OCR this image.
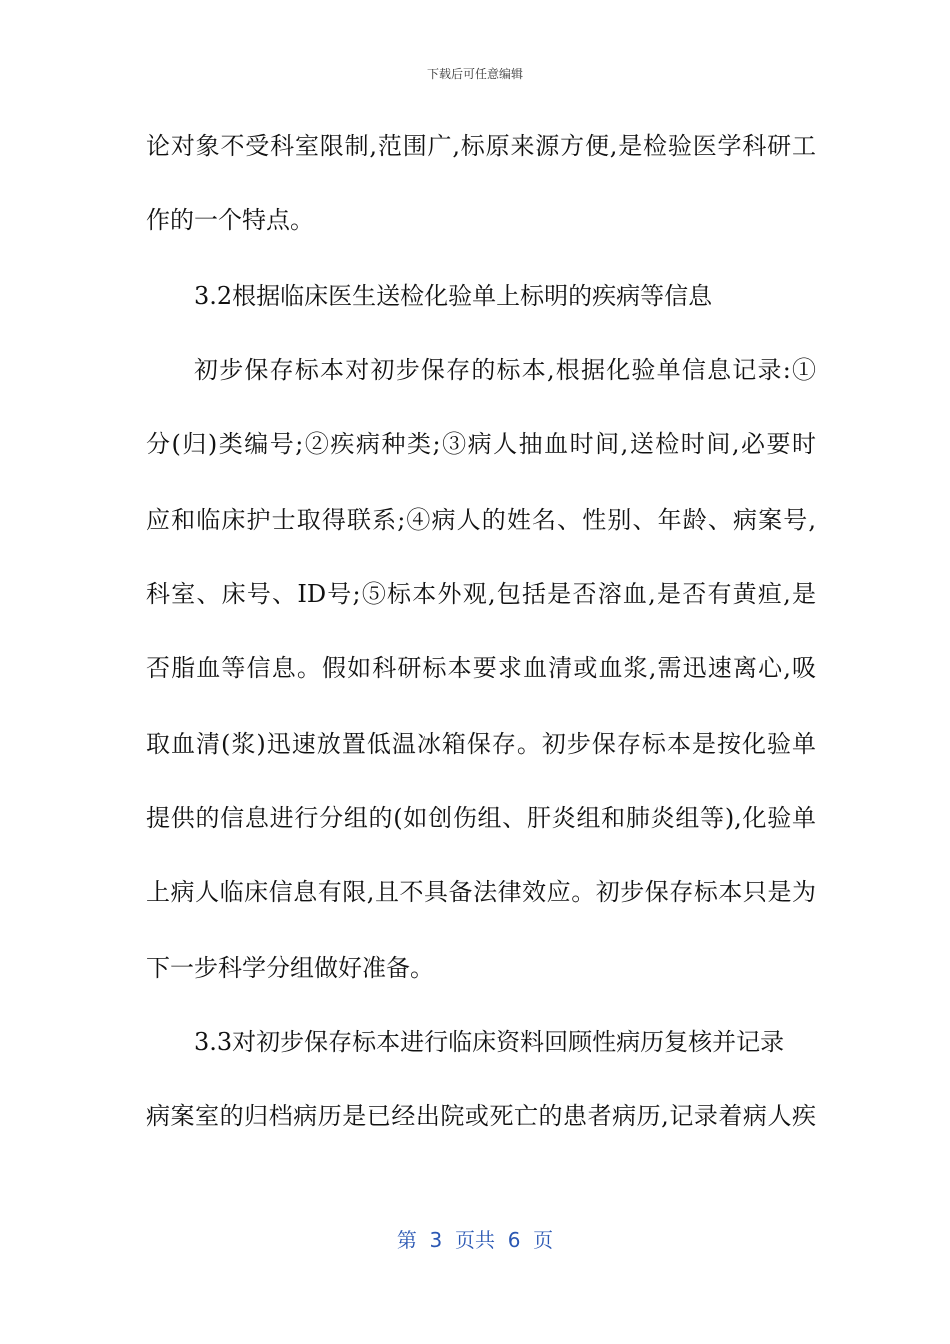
下载后可任意编辑
论对象不受科室限制,范围广,标原来源方便,是检验医学科研工
作的一个特点。
3.2根据临床医生送检化验单上标明的疾病等信息
初步保存标本对初步保存的标本,根据化验单信息记录:①
分(归)类编号;②疾病种类;③病人抽血时间,送检时间,必要时
应和临床护士取得联系;④病人的姓名、性别、年龄、病案号,
科室、床号、ID号;⑤标本外观,包括是否溶血,是否有黄疸,是
否脂血等信息。假如科研标本要求血清或血浆,需迅速离心,吸
取血清(浆)迅速放置低温冰箱保存。初步保存标本是按化验单
提供的信息进行分组的(如创伤组、肝炎组和肺炎组等),化验单
上病人临床信息有限,且不具备法律效应。初步保存标本只是为
下一步科学分组做好准备。
3.3对初步保存标本进行临床资料回顾性病历复核并记录
病案室的归档病历是已经出院或死亡的患者病历,记录着病人疾
第  3  页共  6  页
